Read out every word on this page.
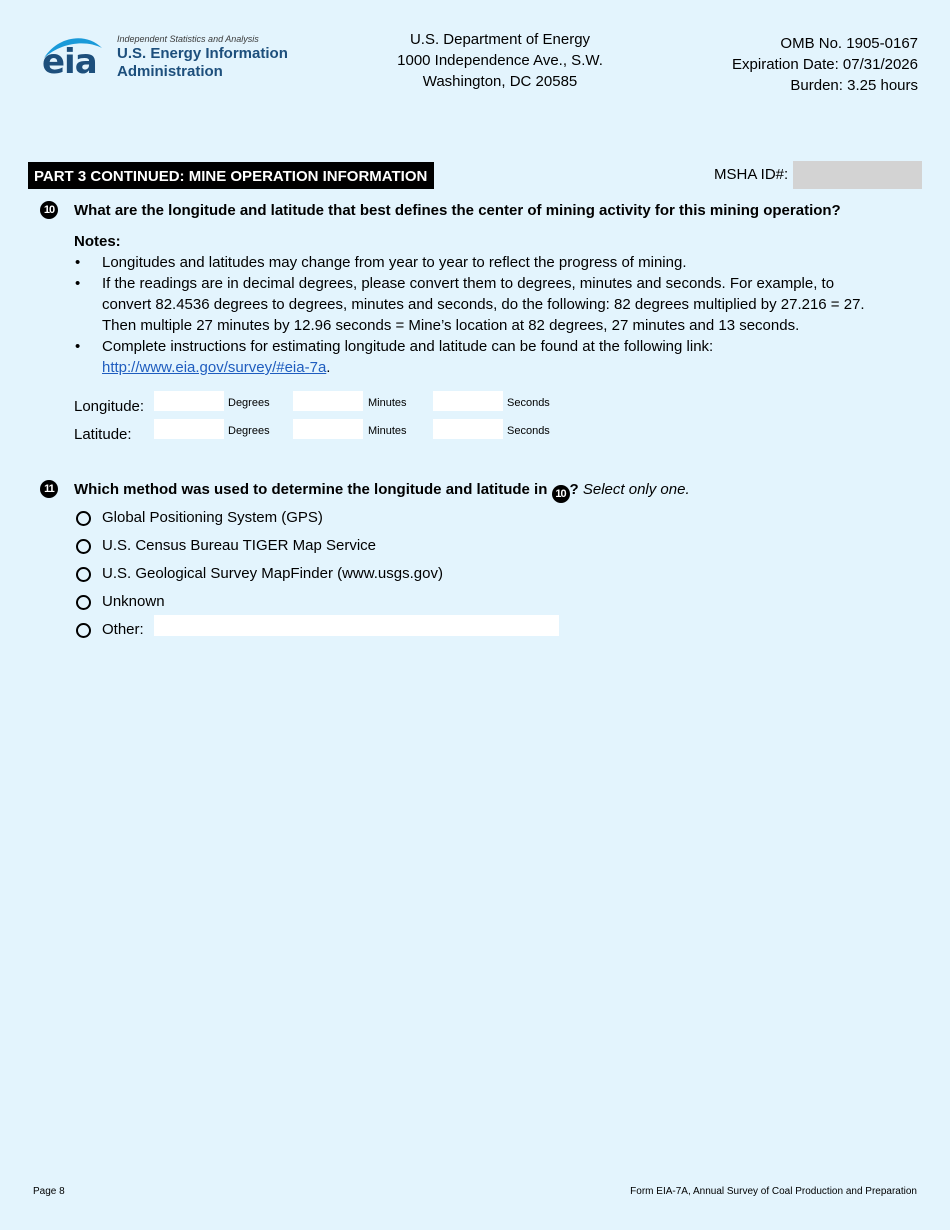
eia
Independent Statistics and Analysis
U.S. Energy Information
Administration
U.S. Department of Energy
1000 Independence Ave., S.W.
Washington, DC 20585
OMB No. 1905-0167
Expiration Date: 07/31/2026
Burden: 3.25 hours
PART 3 CONTINUED: MINE OPERATION INFORMATION	MSHA ID#:
10 What are the longitude and latitude that best defines the center of mining activity for this mining operation?
Notes:
• Longitudes and latitudes may change from year to year to reflect the progress of mining.
• If the readings are in decimal degrees, please convert them to degrees, minutes and seconds. For example, to
convert 82.4536 degrees to degrees, minutes and seconds, do the following: 82 degrees multiplied by 27.216 = 27.
Then multiple 27 minutes by 12.96 seconds = Mine’s location at 82 degrees, 27 minutes and 13 seconds.
• Complete instructions for estimating longitude and latitude can be found at the following link:
http://www.eia.gov/survey/#eia-7a.
Longitude:	Degrees	Minutes	Seconds
Latitude:	Degrees	Minutes	Seconds
11 Which method was used to determine the longitude and latitude in 10 ? Select only one.
Global Positioning System (GPS)
U.S. Census Bureau TIGER Map Service
U.S. Geological Survey MapFinder (www.usgs.gov)
Unknown
Other:
Page 8	Form EIA-7A, Annual Survey of Coal Production and Preparation
